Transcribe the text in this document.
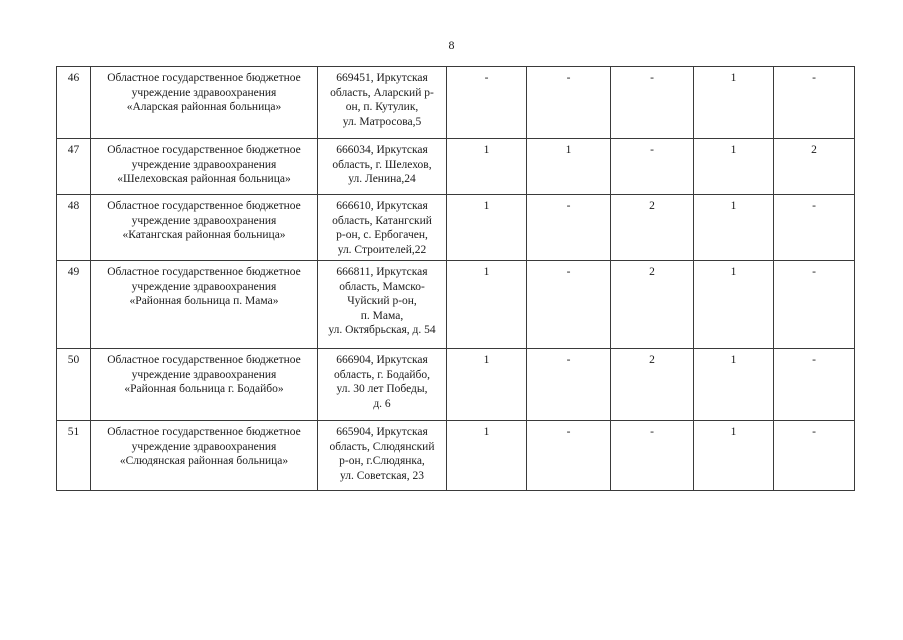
8
46	Областное государственное бюджетное
учреждение здравоохранения
«Аларская районная больница»	669451, Иркутская
область, Аларский р-
он, п. Кутулик,
ул. Матросова,5	-	-	-	1	-
47	Областное государственное бюджетное
учреждение здравоохранения
«Шелеховская районная больница»	666034, Иркутская
область, г. Шелехов,
ул. Ленина,24	1	1	-	1	2
48	Областное государственное бюджетное
учреждение здравоохранения
«Катангская районная больница»	666610, Иркутская
область, Катангский
р-он, с. Ербогачен,
ул. Строителей,22	1	-	2	1	-
49	Областное государственное бюджетное
учреждение здравоохранения
«Районная больница п. Мама»	666811, Иркутская
область, Мамско-
Чуйский р-он,
п. Мама,
ул. Октябрьская, д. 54	1	-	2	1	-
50	Областное государственное бюджетное
учреждение здравоохранения
«Районная больница г. Бодайбо»	666904, Иркутская
область, г. Бодайбо,
ул. 30 лет Победы,
д. 6	1	-	2	1	-
51	Областное государственное бюджетное
учреждение здравоохранения
«Слюдянская районная больница»	665904, Иркутская
область, Слюдянский
р-он, г.Слюдянка,
ул. Советская, 23	1	-	-	1	-
